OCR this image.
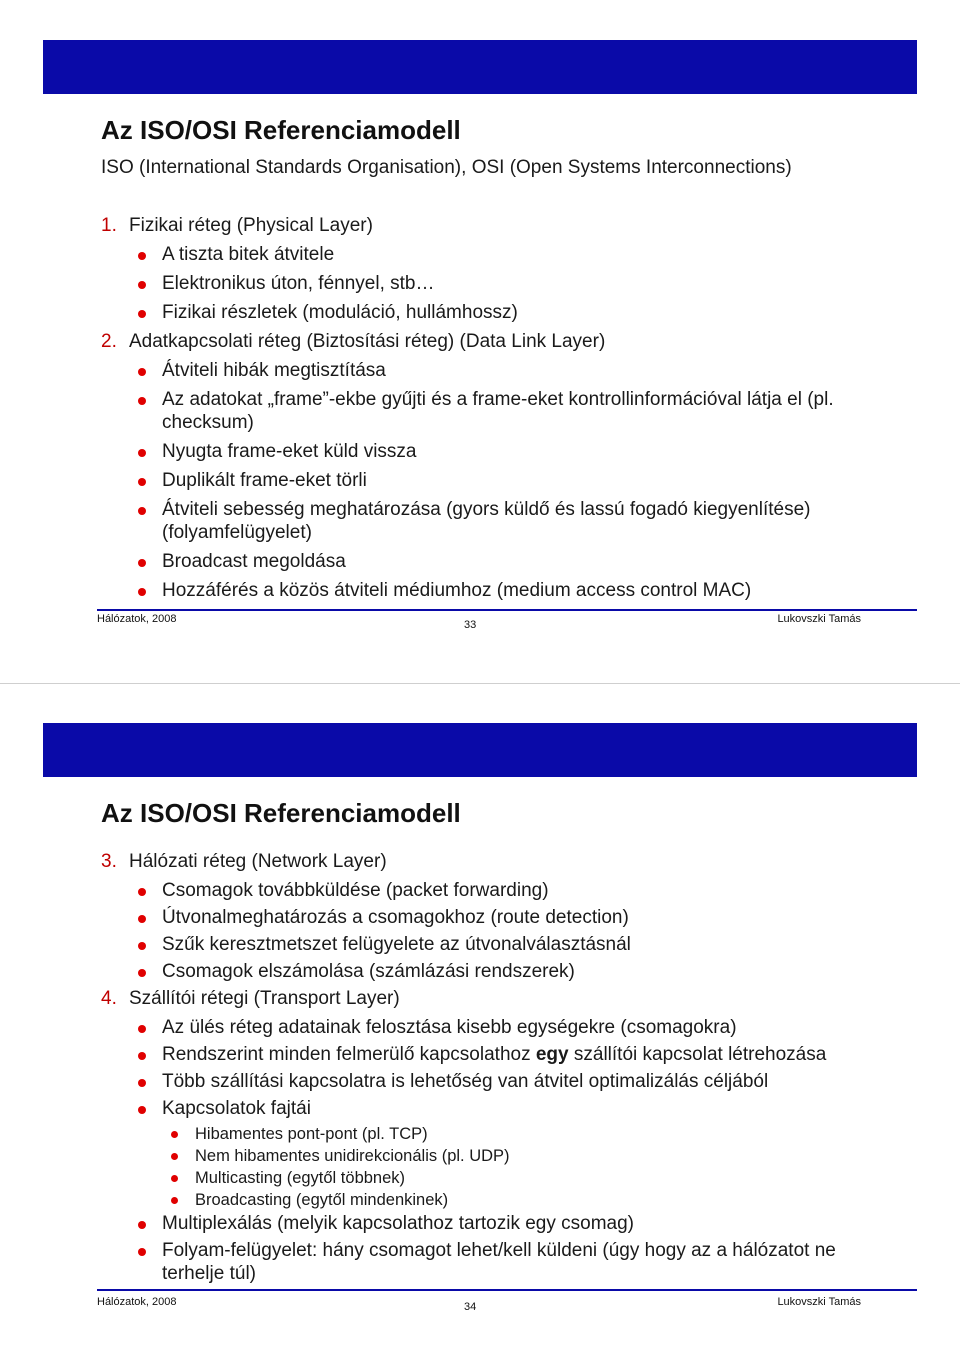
Az ISO/OSI Referenciamodell
ISO (International Standards Organisation), OSI (Open Systems Interconnections)
1. Fizikai réteg (Physical Layer)
A tiszta bitek átvitele
Elektronikus úton, fénnyel, stb…
Fizikai részletek (moduláció, hullámhossz)
2. Adatkapcsolati réteg (Biztosítási réteg) (Data Link Layer)
Átviteli hibák megtisztítása
Az adatokat „frame”-ekbe gyűjti és a frame-eket kontrollinformációval látja el (pl. checksum)
Nyugta frame-eket küld vissza
Duplikált frame-eket törli
Átviteli sebesség meghatározása (gyors küldő és lassú fogadó kiegyenlítése) (folyamfelügyelet)
Broadcast megoldása
Hozzáférés a közös átviteli médiumhoz (medium access control MAC)
Hálózatok, 2008	33	Lukovszki Tamás
Az ISO/OSI Referenciamodell
3. Hálózati réteg (Network Layer)
Csomagok továbbküldése (packet forwarding)
Útvonalmeghatározás a csomagokhoz (route detection)
Szűk keresztmetszet felügyelete az útvonalválasztásnál
Csomagok elszámolása (számlázási rendszerek)
4. Szállítói rétegi (Transport Layer)
Az ülés réteg adatainak felosztása kisebb egységekre (csomagokra)
Rendszerint minden felmerülő kapcsolathoz egy szállítói kapcsolat létrehozása
Több szállítási kapcsolatra is lehetőség van átvitel optimalizálás céljából
Kapcsolatok fajtái
Hibamentes pont-pont (pl. TCP)
Nem hibamentes unidirekcionális (pl. UDP)
Multicasting (egytől többnek)
Broadcasting (egytől mindenkinek)
Multiplexálás (melyik kapcsolathoz tartozik egy csomag)
Folyam-felügyelet: hány csomagot lehet/kell küldeni (úgy hogy az a hálózatot ne terhelje túl)
Hálózatok, 2008	34	Lukovszki Tamás
